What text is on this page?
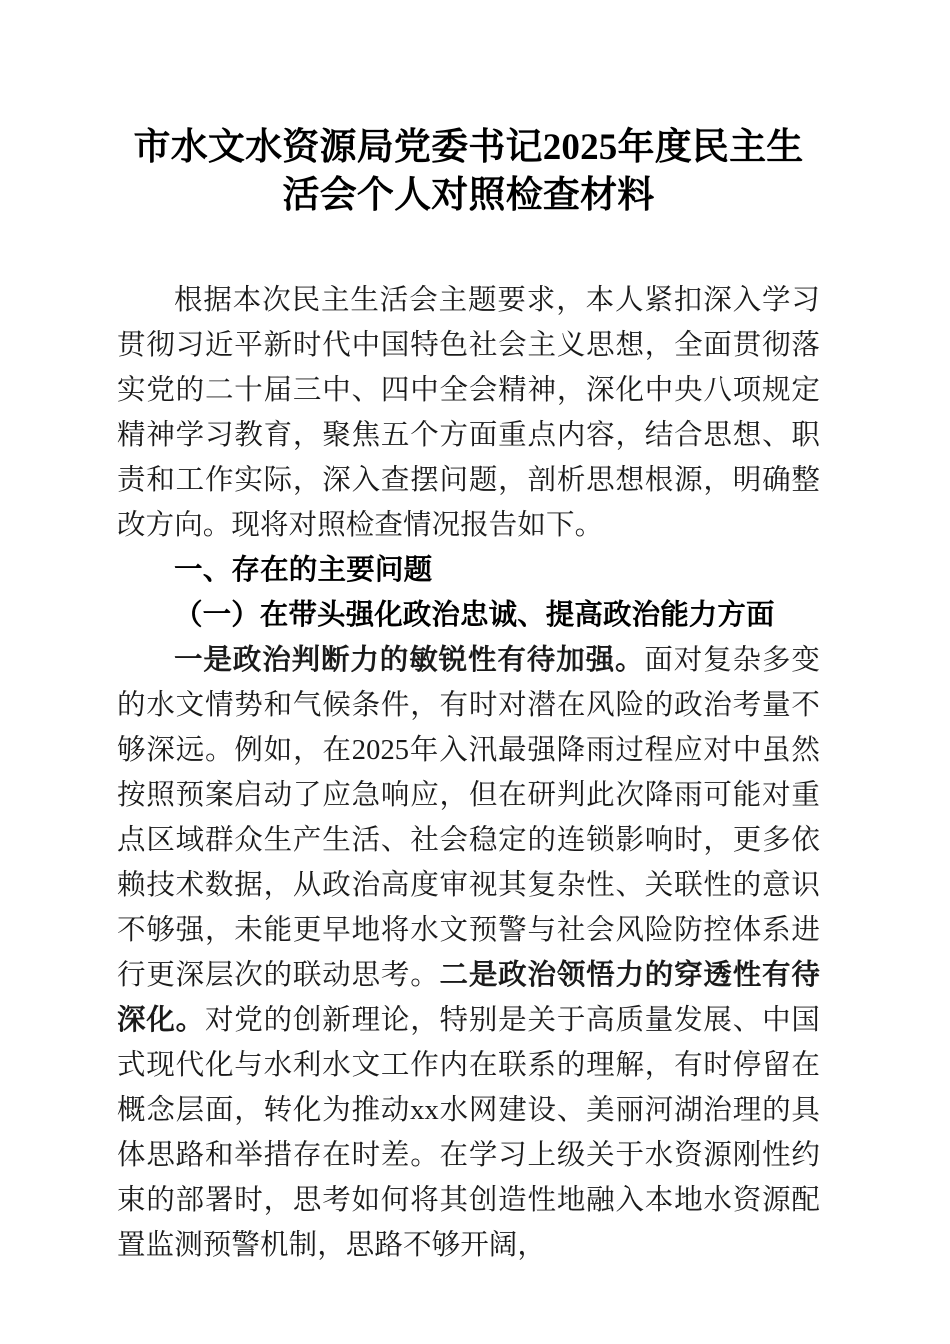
市水文水资源局党委书记2025年度民主生活会个人对照检查材料

根据本次民主生活会主题要求，本人紧扣深入学习贯彻习近平新时代中国特色社会主义思想，全面贯彻落实党的二十届三中、四中全会精神，深化中央八项规定精神学习教育，聚焦五个方面重点内容，结合思想、职责和工作实际，深入查摆问题，剖析思想根源，明确整改方向。现将对照检查情况报告如下。

一、存在的主要问题
（一）在带头强化政治忠诚、提高政治能力方面

一是政治判断力的敏锐性有待加强。面对复杂多变的水文情势和气候条件，有时对潜在风险的政治考量不够深远。例如，在2025年入汛最强降雨过程应对中虽然按照预案启动了应急响应，但在研判此次降雨可能对重点区域群众生产生活、社会稳定的连锁影响时，更多依赖技术数据，从政治高度审视其复杂性、关联性的意识不够强，未能更早地将水文预警与社会风险防控体系进行更深层次的联动思考。二是政治领悟力的穿透性有待深化。对党的创新理论，特别是关于高质量发展、中国式现代化与水利水文工作内在联系的理解，有时停留在概念层面，转化为推动xx水网建设、美丽河湖治理的具体思路和举措存在时差。在学习上级关于水资源刚性约束的部署时，思考如何将其创造性地融入本地水资源配置监测预警机制，思路不够开阔，
